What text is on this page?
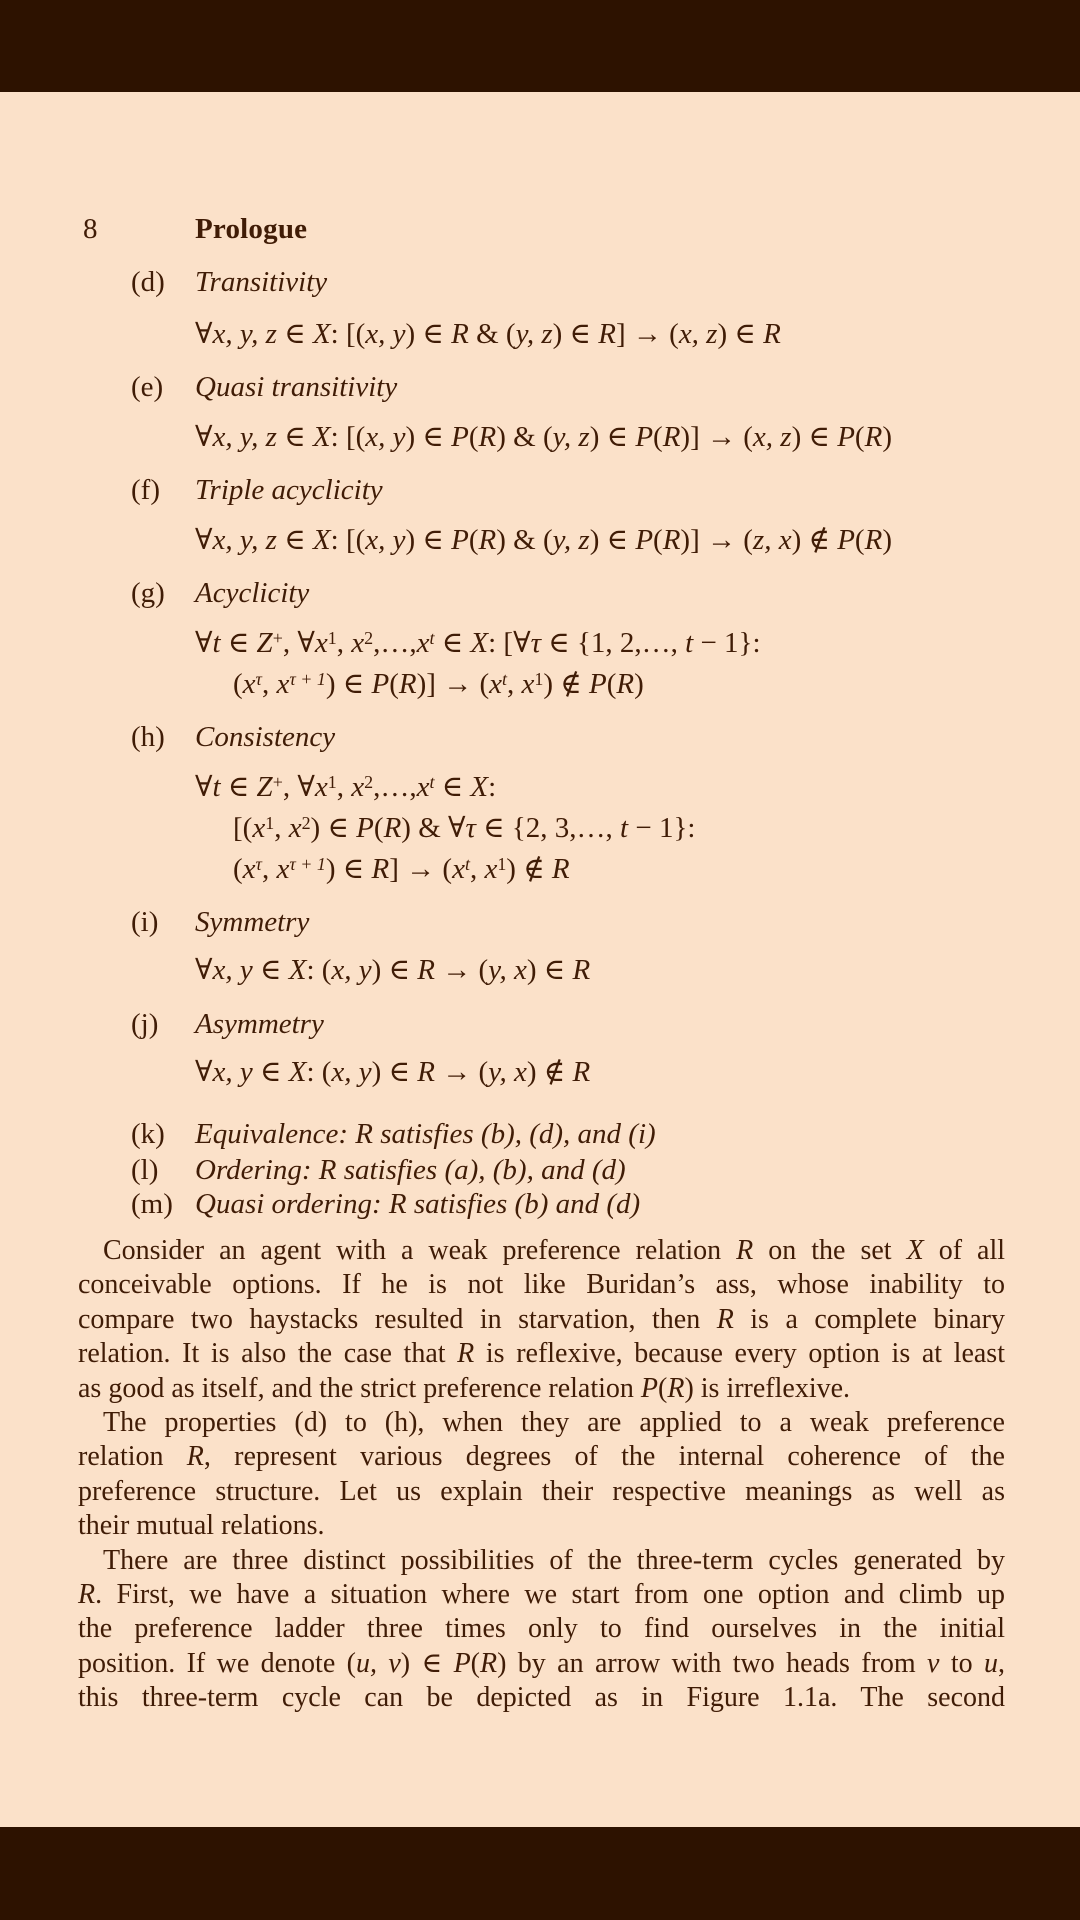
8	Prologue
(d)	Transitivity
∀x, y, z ∈ X: [(x, y) ∈ R & (y, z) ∈ R] → (x, z) ∈ R
(e)	Quasi transitivity
∀x, y, z ∈ X: [(x, y) ∈ P(R) & (y, z) ∈ P(R)] → (x, z) ∈ P(R)
(f)	Triple acyclicity
∀x, y, z ∈ X: [(x, y) ∈ P(R) & (y, z) ∈ P(R)] → (z, x) ∉ P(R)
(g)	Acyclicity
∀t ∈ Z+, $\forall x^1$, $x^2,\dots,x^t$ ∈ X: [∀τ ∈ {1, 2,…, t − 1}:
($x^\tau$, $x^{\tau + 1}$) ∈ $P(R)] \to (x^t$, $x^1$) ∉ P(R)
(h)	Consistency
∀t ∈ Z+, $\forall x^1$, $x^2,\dots,x^t$ ∈ X:
[($x^1$, $x^2$) ∈ P(R) & ∀τ ∈ {2, 3,…, t − 1}:
($x^\tau$, $x^{\tau + 1}$) ∈ $R] \to (x^t$, $x^1$) ∉ R
(i)	Symmetry
∀x, y ∈ X: (x, y) ∈ R → (y, x) ∈ R
(j)	Asymmetry
∀x, y ∈ X: (x, y) ∈ R → (y, x) ∉ R
(k)	Equivalence: R satisfies (b), (d), and (i)
(l)	Ordering: R satisfies (a), (b), and (d)
(m) Quasi ordering: R satisfies (b) and (d)
Consider an agent with a weak preference relation R on the set X of all
conceivable options. If he is not like Buridan’s ass, whose inability to
compare two haystacks resulted in starvation, then R is a complete binary
relation. It is also the case that R is reflexive, because every option is at least
as good as itself, and the strict preference relation P(R) is irreflexive.
The properties (d) to (h), when they are applied to a weak preference
relation R, represent various degrees of the internal coherence of the
preference structure. Let us explain their respective meanings as well as
their mutual relations.
There are three distinct possibilities of the three-term cycles generated by
R. First, we have a situation where we start from one option and climb up
the preference ladder three times only to find ourselves in the initial
position. If we denote (u, v) ∈ P(R) by an arrow with two heads from v to u,
this three-term cycle can be depicted as in Figure 1.1a. The second
